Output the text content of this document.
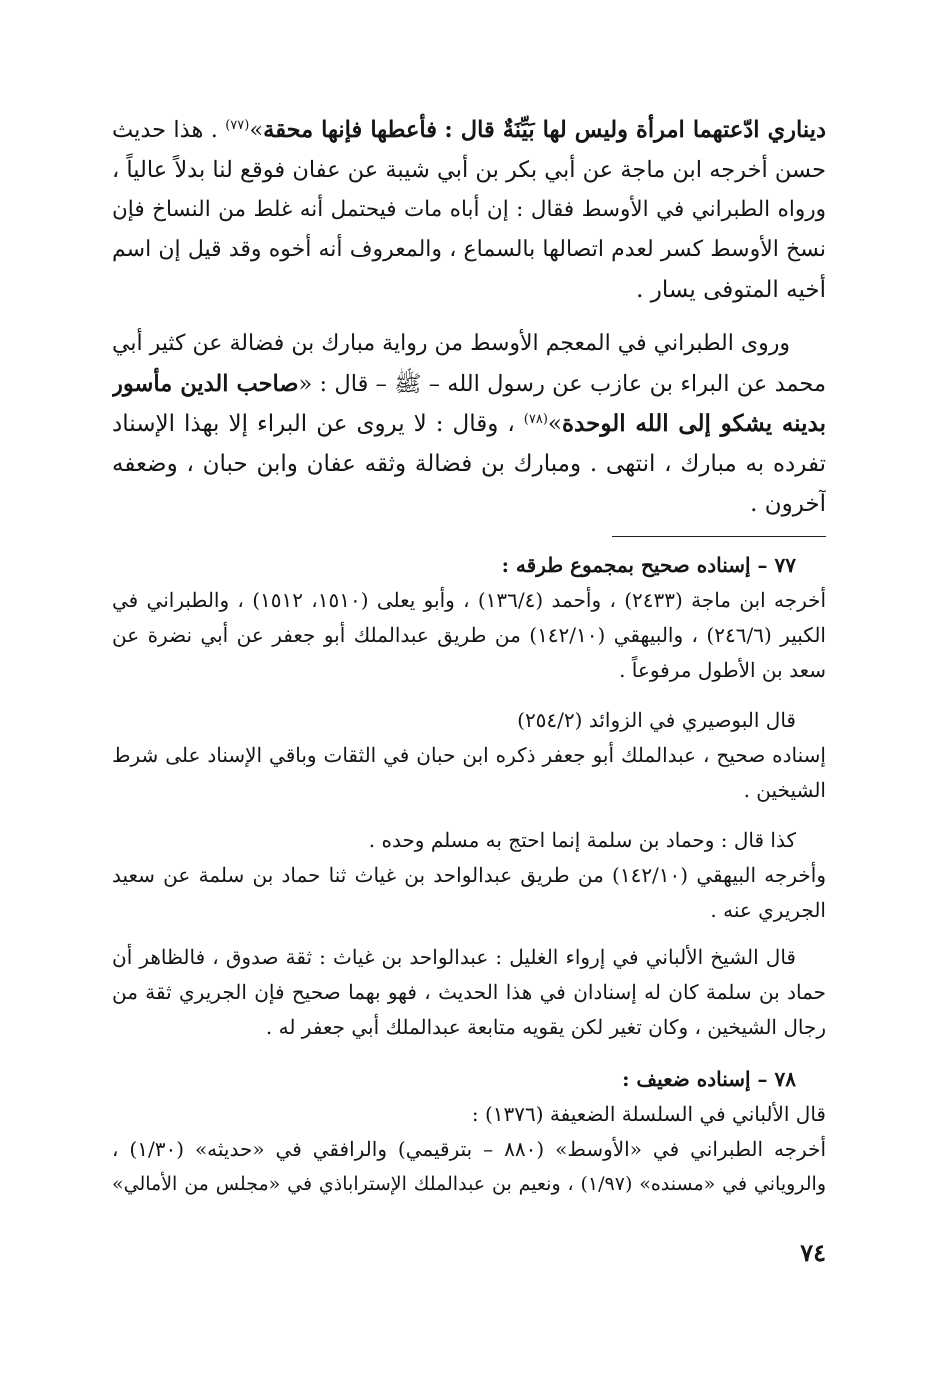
ديناري ادّعتهما امرأة وليس لها بَيِّنَةٌ قال : فأعطها فإنها محقة»$^{(٧٧)}$ . هذا حديث
حسن أخرجه ابن ماجة عن أبي بكر بن أبي شيبة عن عفان فوقع لنا بدلاً عالياً ،
ورواه الطبراني في الأوسط فقال : إن أباه مات فيحتمل أنه غلط من النساخ فإن
نسخ الأوسط كسر لعدم اتصالها بالسماع ، والمعروف أنه أخوه وقد قيل إن اسم
أخيه المتوفى يسار .
وروى الطبراني في المعجم الأوسط من رواية مبارك بن فضالة عن كثير أبي
محمد عن البراء بن عازب عن رسول الله – ﷺ – قال : «صاحب الدين مأسور
بدينه يشكو إلى الله الوحدة»$^{(٧٨)}$ ، وقال : لا يروى عن البراء إلا بهذا الإسناد
تفرده به مبارك ، انتهى . ومبارك بن فضالة وثقه عفان وابن حبان ، وضعفه
آخرون .
٧٧ – إسناده صحيح بمجموع طرقه :
أخرجه ابن ماجة (٢٤٣٣) ، وأحمد (١٣٦/٤) ، وأبو يعلى (١٥١٠، ١٥١٢) ، والطبراني في
الكبير (٢٤٦/٦) ، والبيهقي (١٤٢/١٠) من طريق عبدالملك أبو جعفر عن أبي نضرة عن
سعد بن الأطول مرفوعاً .
قال البوصيري في الزوائد (٢٥٤/٢)
إسناده صحيح ، عبدالملك أبو جعفر ذكره ابن حبان في الثقات وباقي الإسناد على شرط
الشيخين .
كذا قال : وحماد بن سلمة إنما احتج به مسلم وحده .
وأخرجه البيهقي (١٤٢/١٠) من طريق عبدالواحد بن غياث ثنا حماد بن سلمة عن سعيد
الجريري عنه .
قال الشيخ الألباني في إرواء الغليل : عبدالواحد بن غياث : ثقة صدوق ، فالظاهر أن
حماد بن سلمة كان له إسنادان في هذا الحديث ، فهو بهما صحيح فإن الجريري ثقة من
رجال الشيخين ، وكان تغير لكن يقويه متابعة عبدالملك أبي جعفر له .
٧٨ – إسناده ضعيف :
قال الألباني في السلسلة الضعيفة (١٣٧٦) :
أخرجه الطبراني في «الأوسط» (٨٨٠ – بترقيمي) والرافقي في «حديثه» (١/٣٠) ،
والروياني في «مسنده» (١/٩٧) ، ونعيم بن عبدالملك الإستراباذي في «مجلس من الأمالي»
٧٤
